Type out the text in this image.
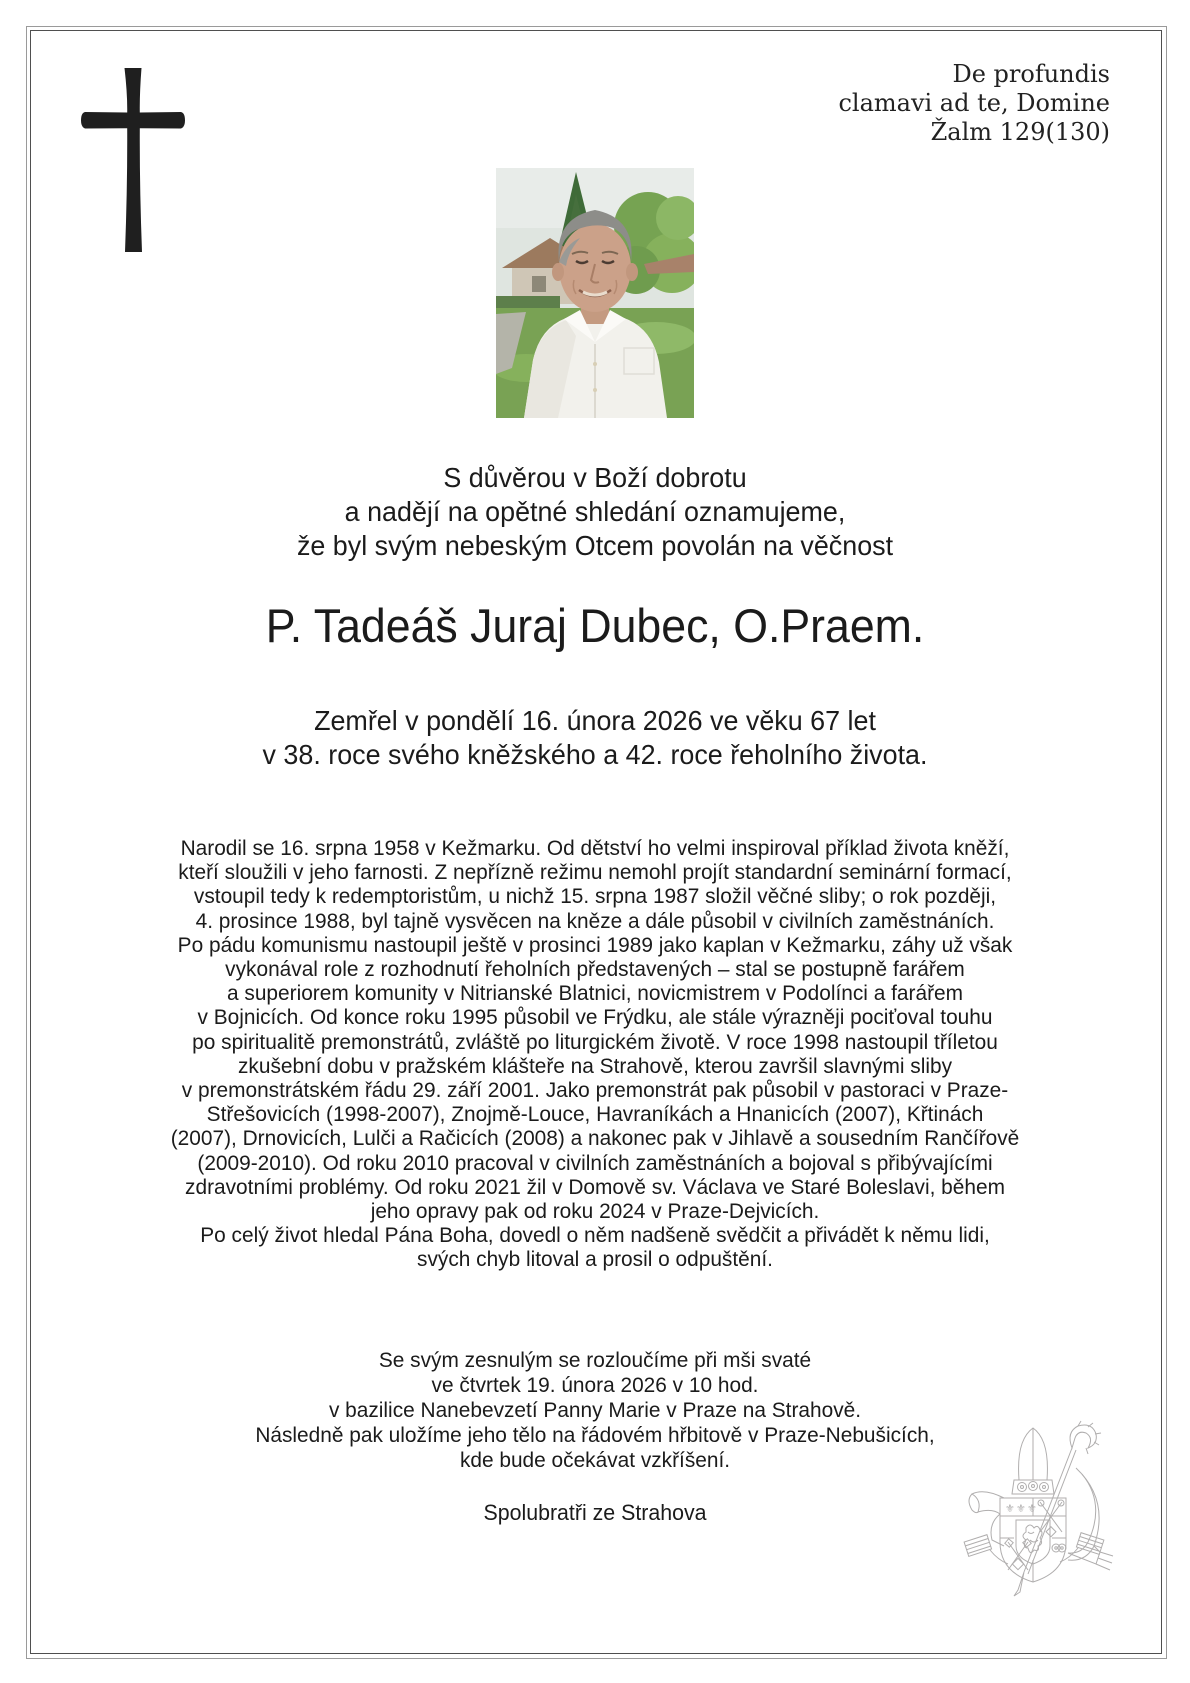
De profundis
clamavi ad te, Domine
Žalm 129(130)
S důvěrou v Boží dobrotu
a nadějí na opětné shledání oznamujeme,
že byl svým nebeským Otcem povolán na věčnost
P. Tadeáš Juraj Dubec, O.Praem.
Zemřel v pondělí 16. února 2026 ve věku 67 let
v 38. roce svého kněžského a 42. roce řeholního života.
Narodil se 16. srpna 1958 v Kežmarku. Od dětství ho velmi inspiroval příklad života kněží,
kteří sloužili v jeho farnosti. Z nepřízně režimu nemohl projít standardní seminární formací,
vstoupil tedy k redemptoristům, u nichž 15. srpna 1987 složil věčné sliby; o rok později,
4. prosince 1988, byl tajně vysvěcen na kněze a dále působil v civilních zaměstnáních.
Po pádu komunismu nastoupil ještě v prosinci 1989 jako kaplan v Kežmarku, záhy už však
vykonával role z rozhodnutí řeholních představených – stal se postupně farářem
a superiorem komunity v Nitrianské Blatnici, novicmistrem v Podolínci a farářem
v Bojnicích. Od konce roku 1995 působil ve Frýdku, ale stále výrazněji pociťoval touhu
po spiritualitě premonstrátů, zvláště po liturgickém životě. V roce 1998 nastoupil tříletou
zkušební dobu v pražském klášteře na Strahově, kterou završil slavnými sliby
v premonstrátském řádu 29. září 2001. Jako premonstrát pak působil v pastoraci v Praze-
Střešovicích (1998-2007), Znojmě-Louce, Havraníkách a Hnanicích (2007), Křtinách
(2007), Drnovicích, Lulči a Račicích (2008) a nakonec pak v Jihlavě a sousedním Rančířově
(2009-2010). Od roku 2010 pracoval v civilních zaměstnáních a bojoval s přibývajícími
zdravotními problémy. Od roku 2021 žil v Domově sv. Václava ve Staré Boleslavi, během
jeho opravy pak od roku 2024 v Praze-Dejvicích.
Po celý život hledal Pána Boha, dovedl o něm nadšeně svědčit a přivádět k němu lidi,
svých chyb litoval a prosil o odpuštění.
Se svým zesnulým se rozloučíme při mši svaté
ve čtvrtek 19. února 2026 v 10 hod.
v bazilice Nanebevzetí Panny Marie v Praze na Strahově.
Následně pak uložíme jeho tělo na řádovém hřbitově v Praze-Nebušicích,
kde bude očekávat vzkříšení.
Spolubratři ze Strahova	⚜ ⚜ ⚜
